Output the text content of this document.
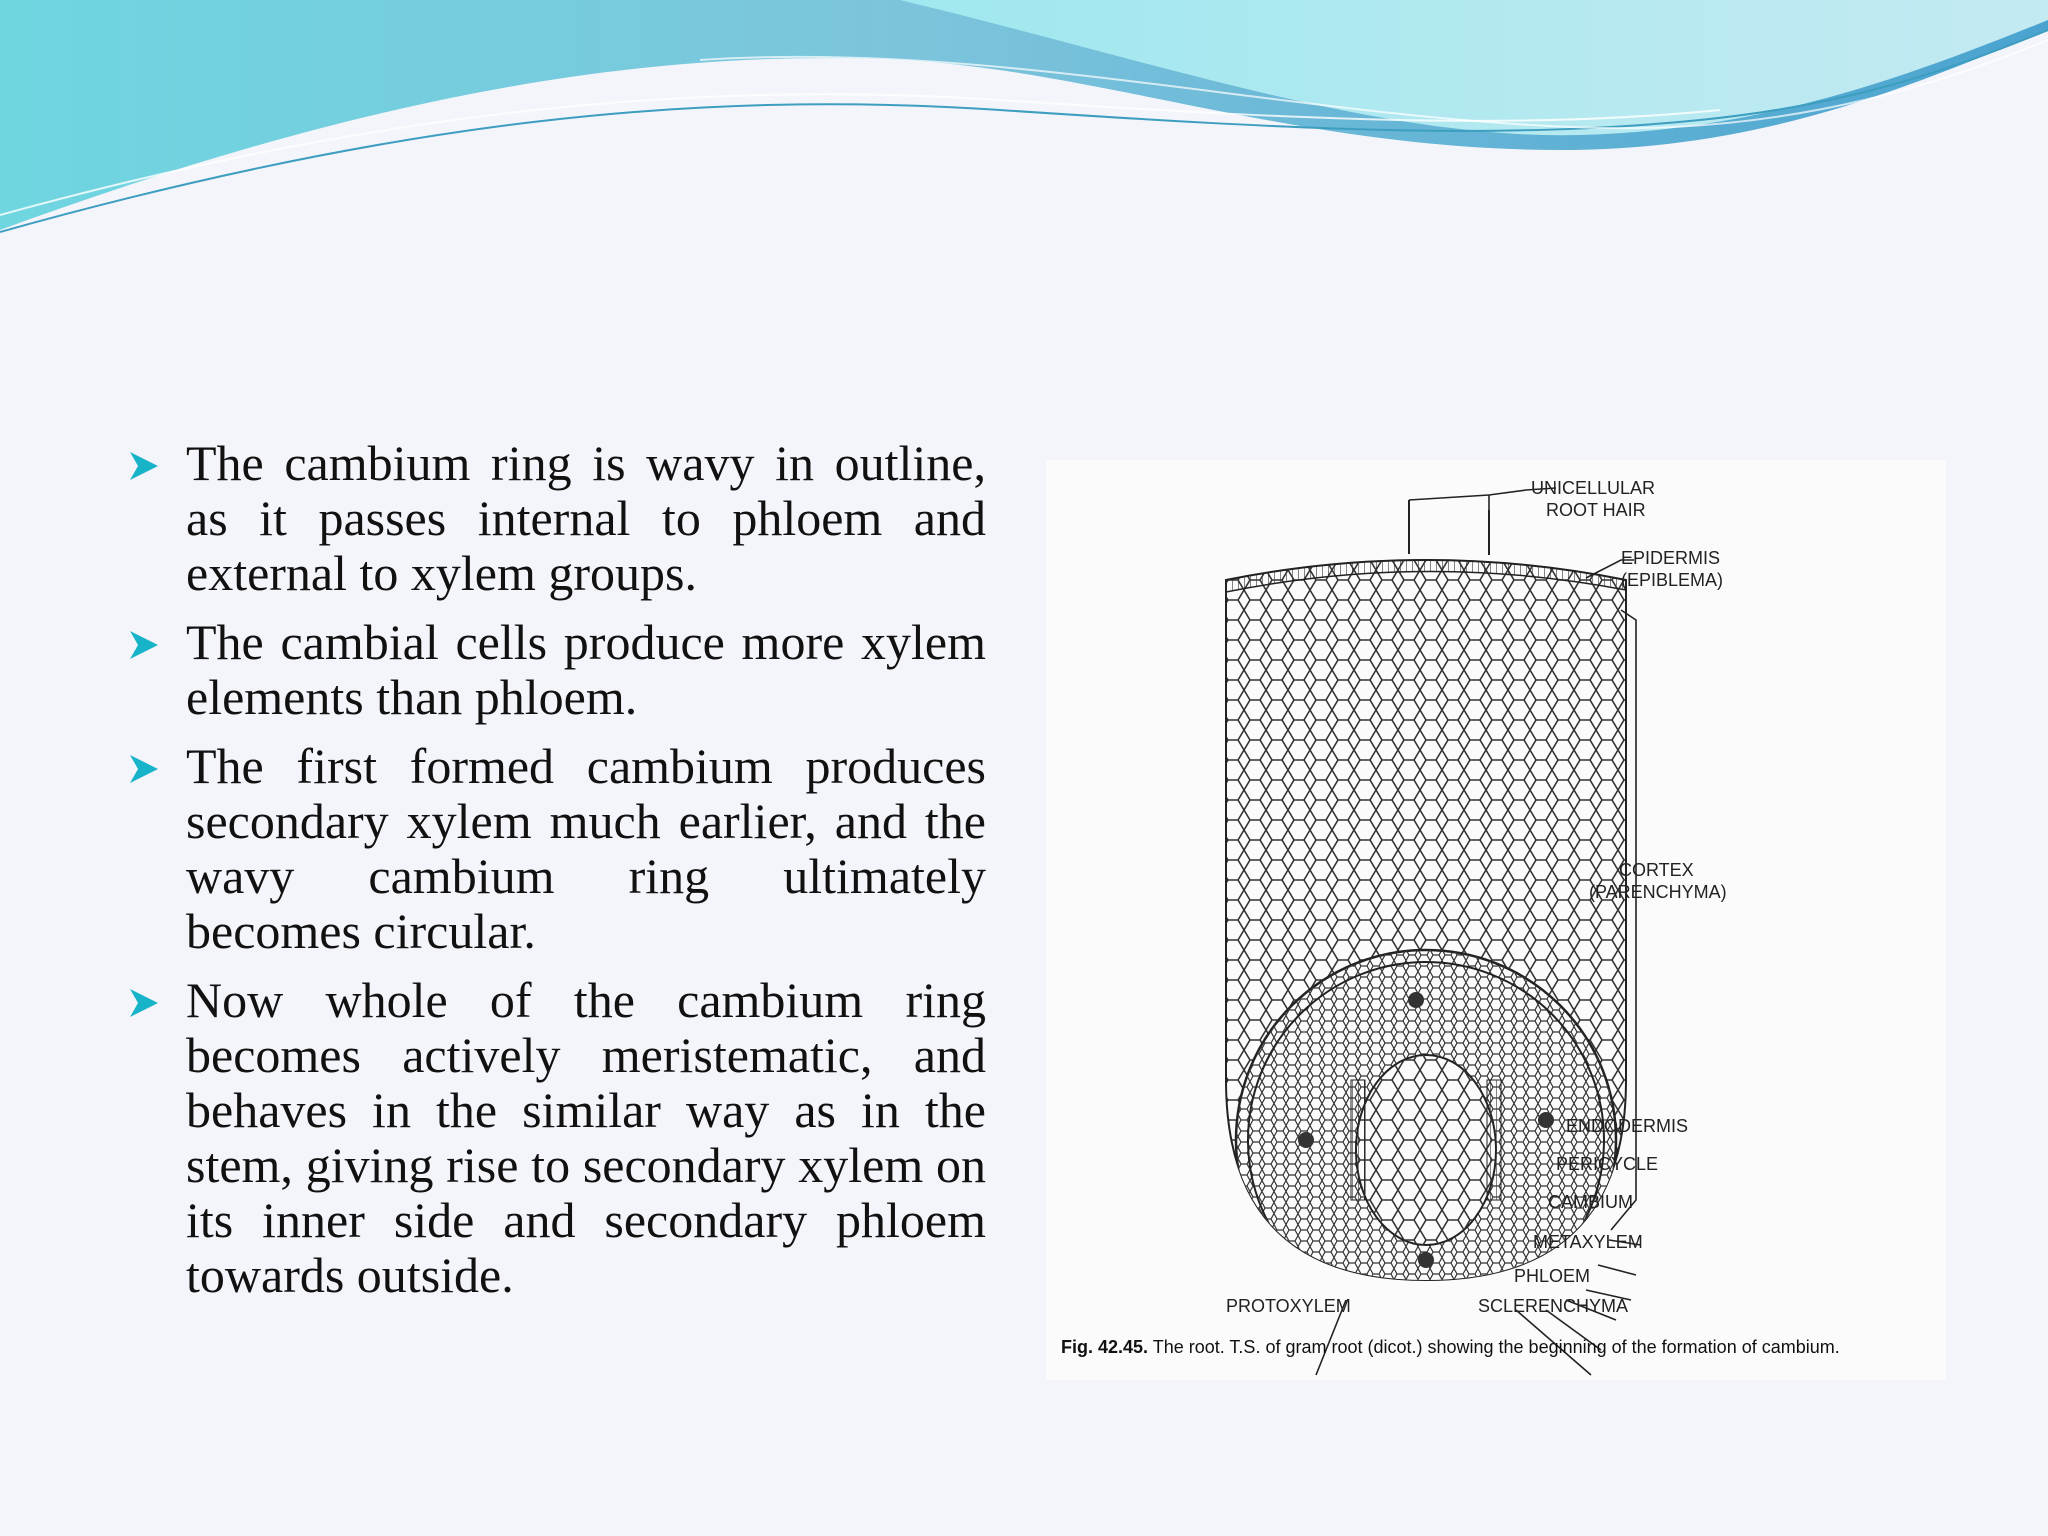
The cambium ring is wavy in outline, as it passes internal to phloem and external to xylem groups.
The cambial cells produce more xylem elements than phloem.
The first formed cambium produces secondary xylem much earlier, and the wavy cambium ring ultimately becomes circular.
Now whole of the cambium ring becomes actively meristematic, and behaves in the similar way as in the stem, giving rise to secondary xylem on its inner side and secondary phloem towards outside.
UNICELLULAR
ROOT HAIR
EPIDERMIS
(EPIBLEMA)
CORTEX
(PARENCHYMA)
ENDODERMIS
PERICYCLE
CAMBIUM
METAXYLEM
PHLOEM
PROTOXYLEM	SCLERENCHYMA
Fig. 42.45. The root. T.S. of gram root (dicot.) showing the beginning of the formation of cambium.
